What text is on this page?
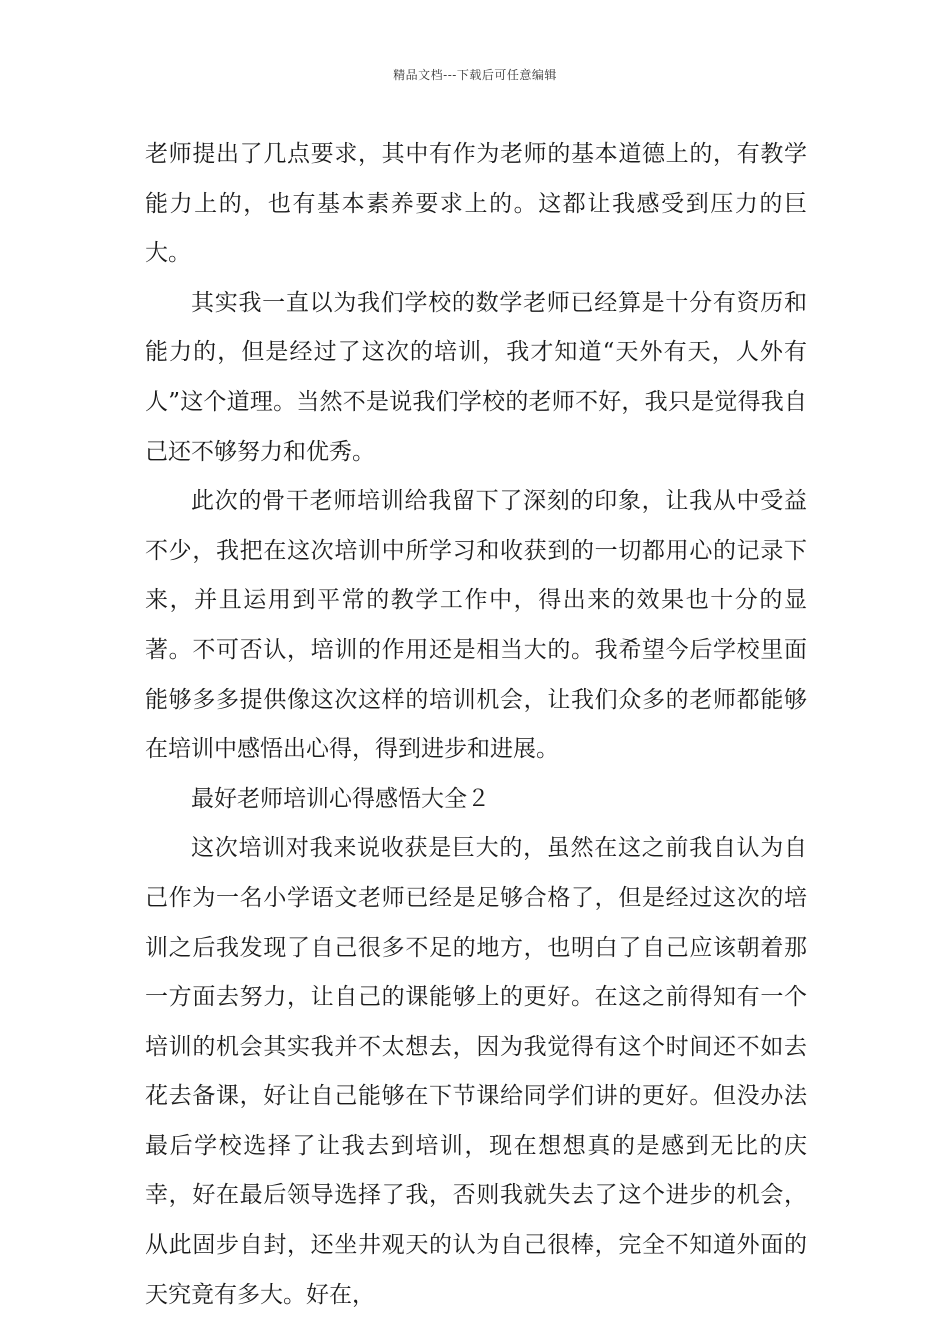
精品文档---下载后可任意编辑

老师提出了几点要求，其中有作为老师的基本道德上的，有教学能力上的，也有基本素养要求上的。这都让我感受到压力的巨大。

其实我一直以为我们学校的数学老师已经算是十分有资历和能力的，但是经过了这次的培训，我才知道“天外有天，人外有人”这个道理。当然不是说我们学校的老师不好，我只是觉得我自己还不够努力和优秀。

此次的骨干老师培训给我留下了深刻的印象，让我从中受益不少，我把在这次培训中所学习和收获到的一切都用心的记录下来，并且运用到平常的教学工作中，得出来的效果也十分的显著。不可否认，培训的作用还是相当大的。我希望今后学校里面能够多多提供像这次这样的培训机会，让我们众多的老师都能够在培训中感悟出心得，得到进步和进展。

最好老师培训心得感悟大全２

这次培训对我来说收获是巨大的，虽然在这之前我自认为自己作为一名小学语文老师已经是足够合格了，但是经过这次的培训之后我发现了自己很多不足的地方，也明白了自己应该朝着那一方面去努力，让自己的课能够上的更好。在这之前得知有一个培训的机会其实我并不太想去，因为我觉得有这个时间还不如去花去备课，好让自己能够在下节课给同学们讲的更好。但没办法最后学校选择了让我去到培训，现在想想真的是感到无比的庆幸，好在最后领导选择了我，否则我就失去了这个进步的机会，从此固步自封，还坐井观天的认为自己很棒，完全不知道外面的天究竟有多大。好在，
